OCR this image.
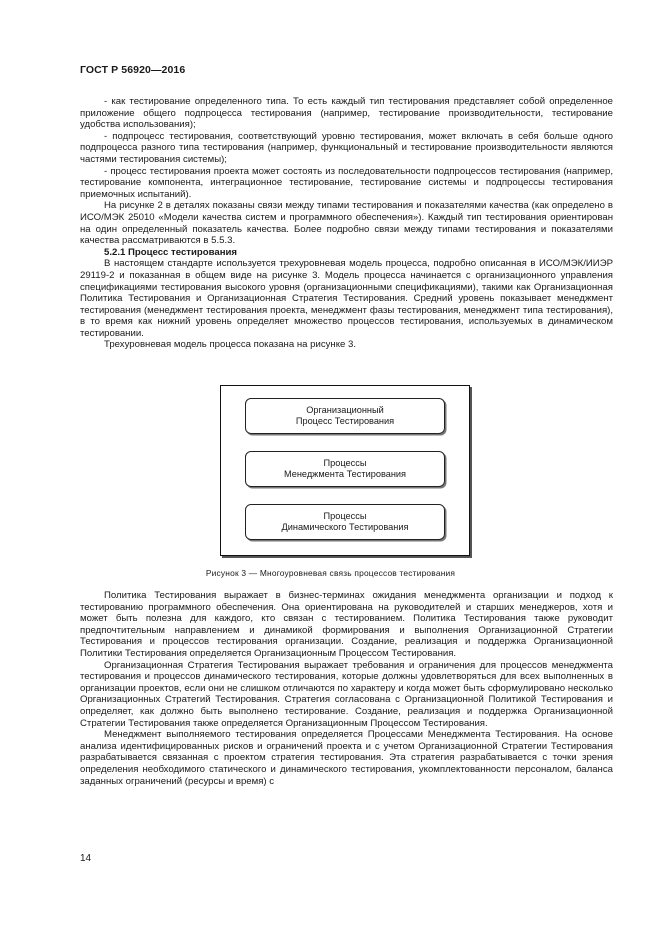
ГОСТ Р 56920—2016

- как тестирование определенного типа. То есть каждый тип тестирования представляет собой определенное приложение общего подпроцесса тестирования (например, тестирование производительности, тестирование удобства использования);

- подпроцесс тестирования, соответствующий уровню тестирования, может включать в себя больше одного подпроцесса разного типа тестирования (например, функциональный и тестирование производительности являются частями тестирования системы);

- процесс тестирования проекта может состоять из последовательности подпроцессов тестирования (например, тестирование компонента, интеграционное тестирование, тестирование системы и подпроцессы тестирования приемочных испытаний).

На рисунке 2 в деталях показаны связи между типами тестирования и показателями качества (как определено в ИСО/МЭК 25010 «Модели качества систем и программного обеспечения»). Каждый тип тестирования ориентирован на один определенный показатель качества. Более подробно связи между типами тестирования и показателями качества рассматриваются в 5.5.3.

5.2.1 Процесс тестирования

В настоящем стандарте используется трехуровневая модель процесса, подробно описанная в ИСО/МЭК/ИИЭР 29119-2 и показанная в общем виде на рисунке 3. Модель процесса начинается с организационного управления спецификациями тестирования высокого уровня (организационными спецификациями), такими как Организационная Политика Тестирования и Организационная Стратегия Тестирования. Средний уровень показывает менеджмент тестирования (менеджмент тестирования проекта, менеджмент фазы тестирования, менеджмент типа тестирования), в то время как нижний уровень определяет множество процессов тестирования, используемых в динамическом тестировании.

Трехуровневая модель процесса показана на рисунке 3.

Организационный
Процесс Тестирования
Процессы
Менеджмента Тестирования
Процессы
Динамического Тестирования
Рисунок 3 — Многоуровневая связь процессов тестирования

Политика Тестирования выражает в бизнес-терминах ожидания менеджмента организации и подход к тестированию программного обеспечения. Она ориентирована на руководителей и старших менеджеров, хотя и может быть полезна для каждого, кто связан с тестированием. Политика Тестирования также руководит предпочтительным направлением и динамикой формирования и выполнения Организационной Стратегии Тестирования и процессов тестирования организации. Создание, реализация и поддержка Организационной Политики Тестирования определяется Организационным Процессом Тестирования.

Организационная Стратегия Тестирования выражает требования и ограничения для процессов менеджмента тестирования и процессов динамического тестирования, которые должны удовлетворяться для всех выполненных в организации проектов, если они не слишком отличаются по характеру и когда может быть сформулировано несколько Организационных Стратегий Тестирования. Стратегия согласована с Организационной Политикой Тестирования и определяет, как должно быть выполнено тестирование. Создание, реализация и поддержка Организационной Стратегии Тестирования также определяется Организационным Процессом Тестирования.

Менеджмент выполняемого тестирования определяется Процессами Менеджмента Тестирования. На основе анализа идентифицированных рисков и ограничений проекта и с учетом Организационной Стратегии Тестирования разрабатывается связанная с проектом стратегия тестирования. Эта стратегия разрабатывается с точки зрения определения необходимого статического и динамического тестирования, укомплектованности персоналом, баланса заданных ограничений (ресурсы и время) с

14
